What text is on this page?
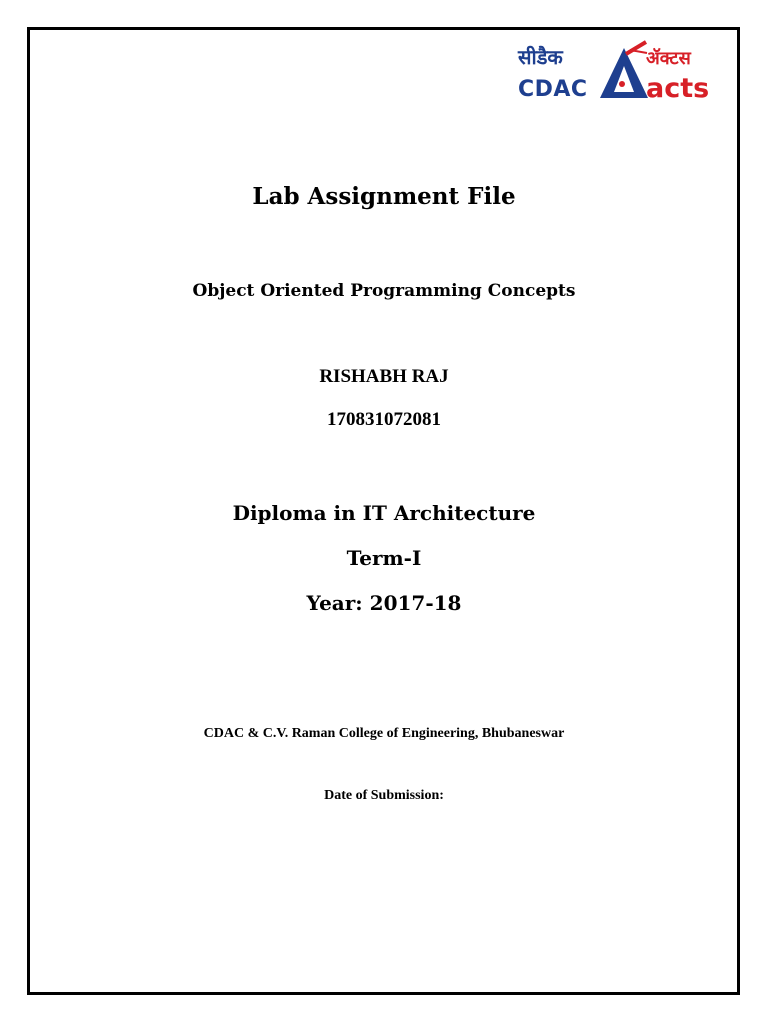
सीडैक
CDAC
ॲक्टस
acts
Lab Assignment File
Object Oriented Programming Concepts
RISHABH RAJ
170831072081
Diploma in IT Architecture
Term-I
Year: 2017-18
CDAC & C.V. Raman College of Engineering, Bhubaneswar
Date of Submission:
